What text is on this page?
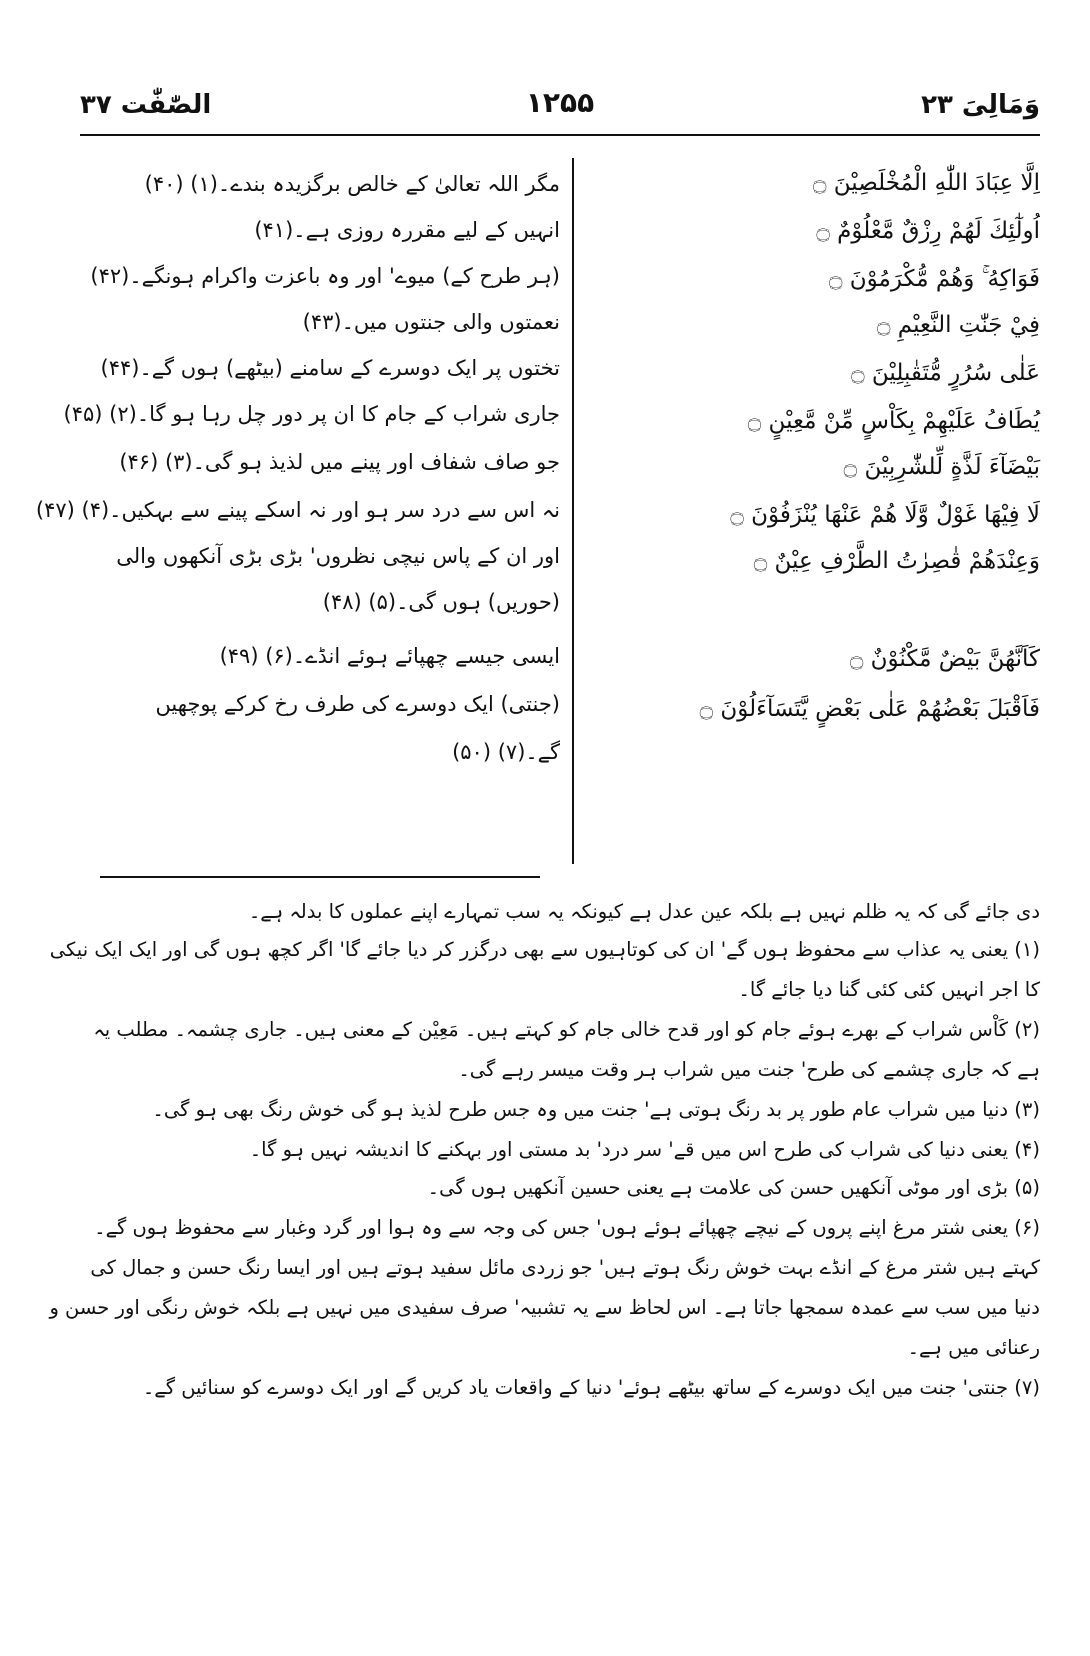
وَمَالِیَ ۲۳
۱۲۵۵
الصّٰفّٰت ۳۷
اِلَّا عِبَادَ اللّٰهِ الْمُخْلَصِيْنَ ۝
اُولٰٓئِكَ لَهُمْ رِزْقٌ مَّعْلُوْمٌ ۝
فَوَاكِهُ ۚ وَهُمْ مُّكْرَمُوْنَ ۝
فِيْ جَنّٰتِ النَّعِيْمِ ۝
عَلٰى سُرُرٍ مُّتَقٰبِلِيْنَ ۝
يُطَافُ عَلَيْهِمْ بِكَاْسٍ مِّنْ مَّعِيْنٍ ۝
بَيْضَآءَ لَذَّةٍ لِّلشّٰرِبِيْنَ ۝
لَا فِيْهَا غَوْلٌ وَّلَا هُمْ عَنْهَا يُنْزَفُوْنَ ۝
وَعِنْدَهُمْ قٰصِرٰتُ الطَّرْفِ عِيْنٌ ۝
كَاَنَّهُنَّ بَيْضٌ مَّكْنُوْنٌ ۝
فَاَقْبَلَ بَعْضُهُمْ عَلٰى بَعْضٍ يَّتَسَآءَلُوْنَ ۝
مگر اللہ تعالیٰ کے خالص برگزیدہ بندے۔(۱) (۴۰)
انہیں کے لیے مقررہ روزی ہے۔(۴۱)
(ہر طرح کے) میوے' اور وہ باعزت واکرام ہونگے۔(۴۲)
نعمتوں والی جنتوں میں۔(۴۳)
تختوں پر ایک دوسرے کے سامنے (بیٹھے) ہوں گے۔(۴۴)
جاری شراب کے جام کا ان پر دور چل رہا ہو گا۔(۲) (۴۵)
جو صاف شفاف اور پینے میں لذیذ ہو گی۔(۳) (۴۶)
نہ اس سے درد سر ہو اور نہ اسکے پینے سے بہکیں۔(۴) (۴۷)
اور ان کے پاس نیچی نظروں' بڑی بڑی آنکھوں والی
(حوریں) ہوں گی۔(۵) (۴۸)
ایسی جیسے چھپائے ہوئے انڈے۔(۶) (۴۹)
(جنتی) ایک دوسرے کی طرف رخ کرکے پوچھیں
گے۔(۷) (۵۰)
دی جائے گی کہ یہ ظلم نہیں ہے بلکہ عین عدل ہے کیونکہ یہ سب تمہارے اپنے عملوں کا بدلہ ہے۔
(۱) یعنی یہ عذاب سے محفوظ ہوں گے' ان کی کوتاہیوں سے بھی درگزر کر دیا جائے گا' اگر کچھ ہوں گی اور ایک ایک نیکی
کا اجر انہیں کئی کئی گنا دیا جائے گا۔
(۲) كَاْس شراب کے بھرے ہوئے جام کو اور قدح خالی جام کو کہتے ہیں۔ مَعِيْن کے معنی ہیں۔ جاری چشمہ۔ مطلب یہ
ہے کہ جاری چشمے کی طرح' جنت میں شراب ہر وقت میسر رہے گی۔
(۳) دنیا میں شراب عام طور پر بد رنگ ہوتی ہے' جنت میں وہ جس طرح لذیذ ہو گی خوش رنگ بھی ہو گی۔
(۴) یعنی دنیا کی شراب کی طرح اس میں قے' سر درد' بد مستی اور بہکنے کا اندیشہ نہیں ہو گا۔
(۵) بڑی اور موٹی آنکھیں حسن کی علامت ہے یعنی حسین آنکھیں ہوں گی۔
(۶) یعنی شتر مرغ اپنے پروں کے نیچے چھپائے ہوئے ہوں' جس کی وجہ سے وہ ہوا اور گرد وغبار سے محفوظ ہوں گے۔
کہتے ہیں شتر مرغ کے انڈے بہت خوش رنگ ہوتے ہیں' جو زردی مائل سفید ہوتے ہیں اور ایسا رنگ حسن و جمال کی
دنیا میں سب سے عمدہ سمجھا جاتا ہے۔ اس لحاظ سے یہ تشبیہ' صرف سفیدی میں نہیں ہے بلکہ خوش رنگی اور حسن و
رعنائی میں ہے۔
(۷) جنتی' جنت میں ایک دوسرے کے ساتھ بیٹھے ہوئے' دنیا کے واقعات یاد کریں گے اور ایک دوسرے کو سنائیں گے۔
